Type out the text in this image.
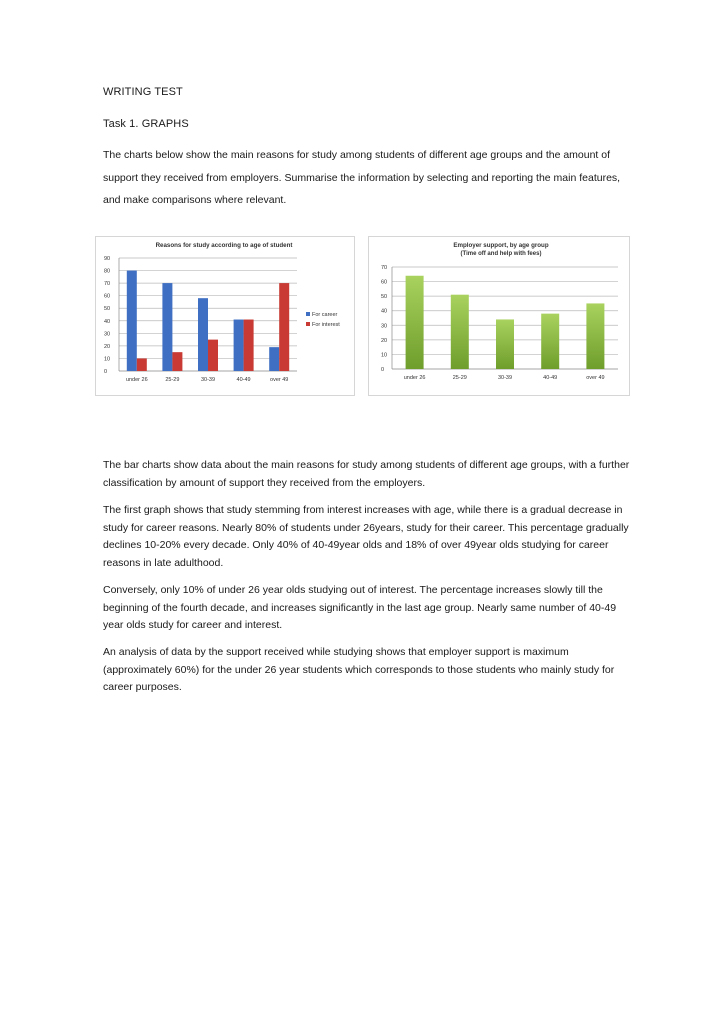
WRITING TEST
Task 1. GRAPHS
The charts below show the main reasons for study among students of different age groups and the amount of support they received from employers. Summarise the information by selecting and reporting the main features, and make comparisons where relevant.
Reasons for study according to age of student
0
10
20
30
40
50
60
70
80
90
under 26	25-29	30-39	40-49	over 49
For career
For interest
Employer support, by age group
(Time off and help with fees)
0
10
20
30
40
50
60
70
under 26	25-29	30-39	40-49	over 49
The bar charts show data about the main reasons for study among students of different age groups, with a further classification by amount of support they received from the employers.
The first graph shows that study stemming from interest increases with age, while there is a gradual decrease in study for career reasons. Nearly 80% of students under 26years, study for their career. This percentage gradually declines 10-20% every decade. Only 40% of 40-49year olds and 18% of over 49year olds studying for career reasons in late adulthood.
Conversely, only 10% of under 26 year olds studying out of interest. The percentage increases slowly till the beginning of the fourth decade, and increases significantly in the last age group. Nearly same number of 40-49 year olds study for career and interest.
An analysis of data by the support received while studying shows that employer support is maximum (approximately 60%) for the under 26 year students which corresponds to those students who mainly study for career purposes.
